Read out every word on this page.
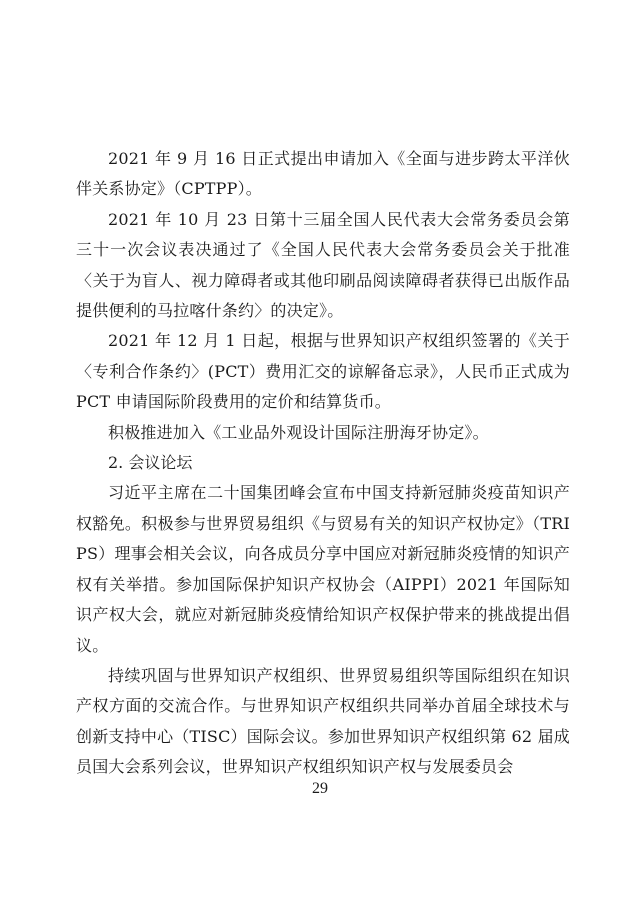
2021 年 9 月 16 日正式提出申请加入《全面与进步跨太平洋伙伴关系协定》（CPTPP）。

2021 年 10 月 23 日第十三届全国人民代表大会常务委员会第三十一次会议表决通过了《全国人民代表大会常务委员会关于批准〈关于为盲人、视力障碍者或其他印刷品阅读障碍者获得已出版作品提供便利的马拉喀什条约〉的决定》。

2021 年 12 月 1 日起，根据与世界知识产权组织签署的《关于〈专利合作条约〉(PCT）费用汇交的谅解备忘录》，人民币正式成为 PCT 申请国际阶段费用的定价和结算货币。

积极推进加入《工业品外观设计国际注册海牙协定》。

2. 会议论坛

习近平主席在二十国集团峰会宣布中国支持新冠肺炎疫苗知识产权豁免。积极参与世界贸易组织《与贸易有关的知识产权协定》（TRIPS）理事会相关会议，向各成员分享中国应对新冠肺炎疫情的知识产权有关举措。参加国际保护知识产权协会（AIPPI）2021 年国际知识产权大会，就应对新冠肺炎疫情给知识产权保护带来的挑战提出倡议。

持续巩固与世界知识产权组织、世界贸易组织等国际组织在知识产权方面的交流合作。与世界知识产权组织共同举办首届全球技术与创新支持中心（TISC）国际会议。参加世界知识产权组织第 62 届成员国大会系列会议，世界知识产权组织知识产权与发展委员会

29
